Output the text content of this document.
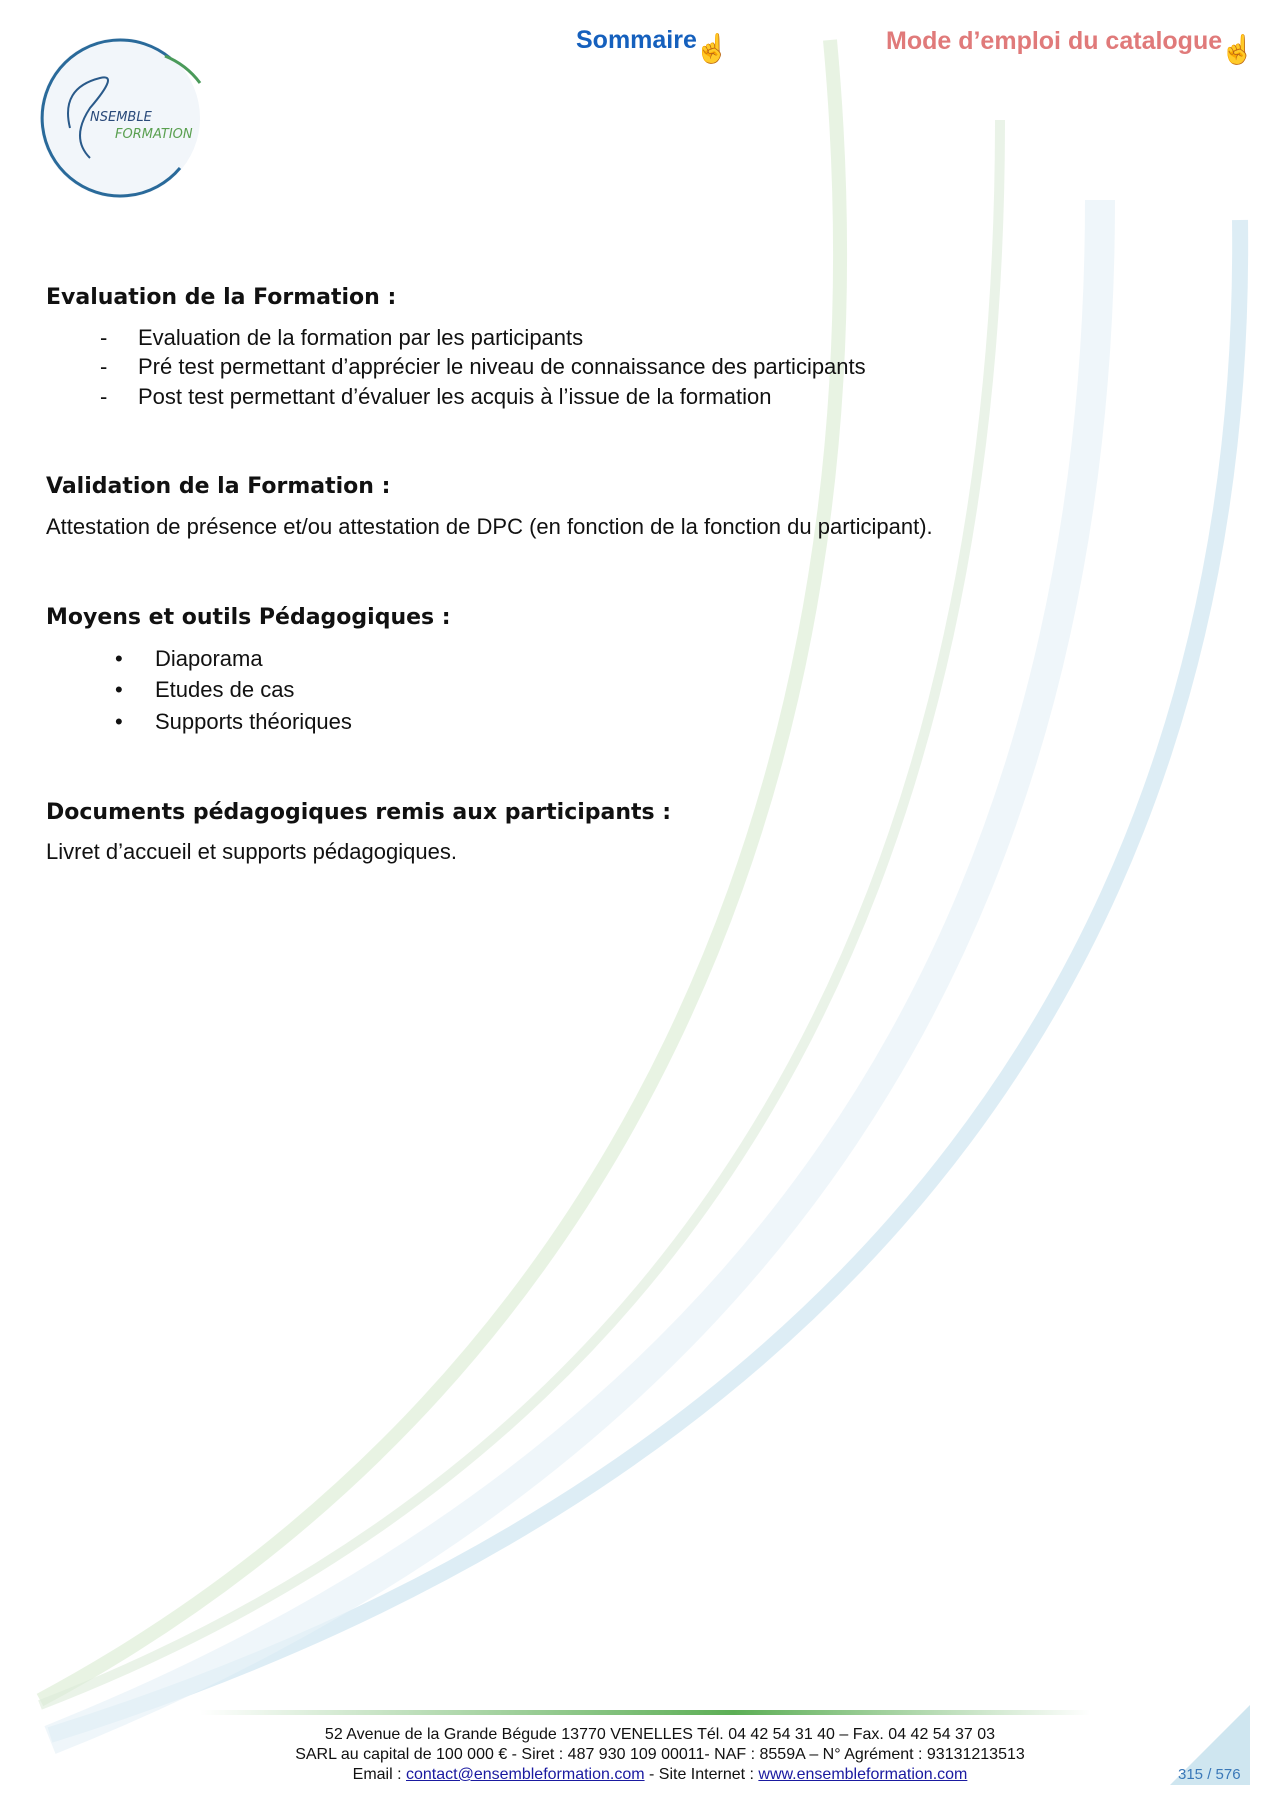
NSEMBLE
FORMATION
Sommaire
☝	Mode d’emploi du catalogue
☝
Evaluation de la Formation :
- Evaluation de la formation par les participants
- Pré test permettant d’apprécier le niveau de connaissance des participants
- Post test permettant d’évaluer les acquis à l’issue de la formation
Validation de la Formation :

Attestation de présence et/ou attestation de DPC (en fonction de la fonction du participant).

Moyens et outils Pédagogiques :
• Diaporama
• Etudes de cas
• Supports théoriques
Documents pédagogiques remis aux participants :

Livret d’accueil et supports pédagogiques.

52 Avenue de la Grande Bégude 13770 VENELLES Tél. 04 42 54 31 40 – Fax. 04 42 54 37 03
SARL au capital de 100 000 € - Siret : 487 930 109 00011- NAF : 8559A – N° Agrément : 93131213513
Email : contact@ensembleformation.com - Site Internet : www.ensembleformation.com	315 / 576
